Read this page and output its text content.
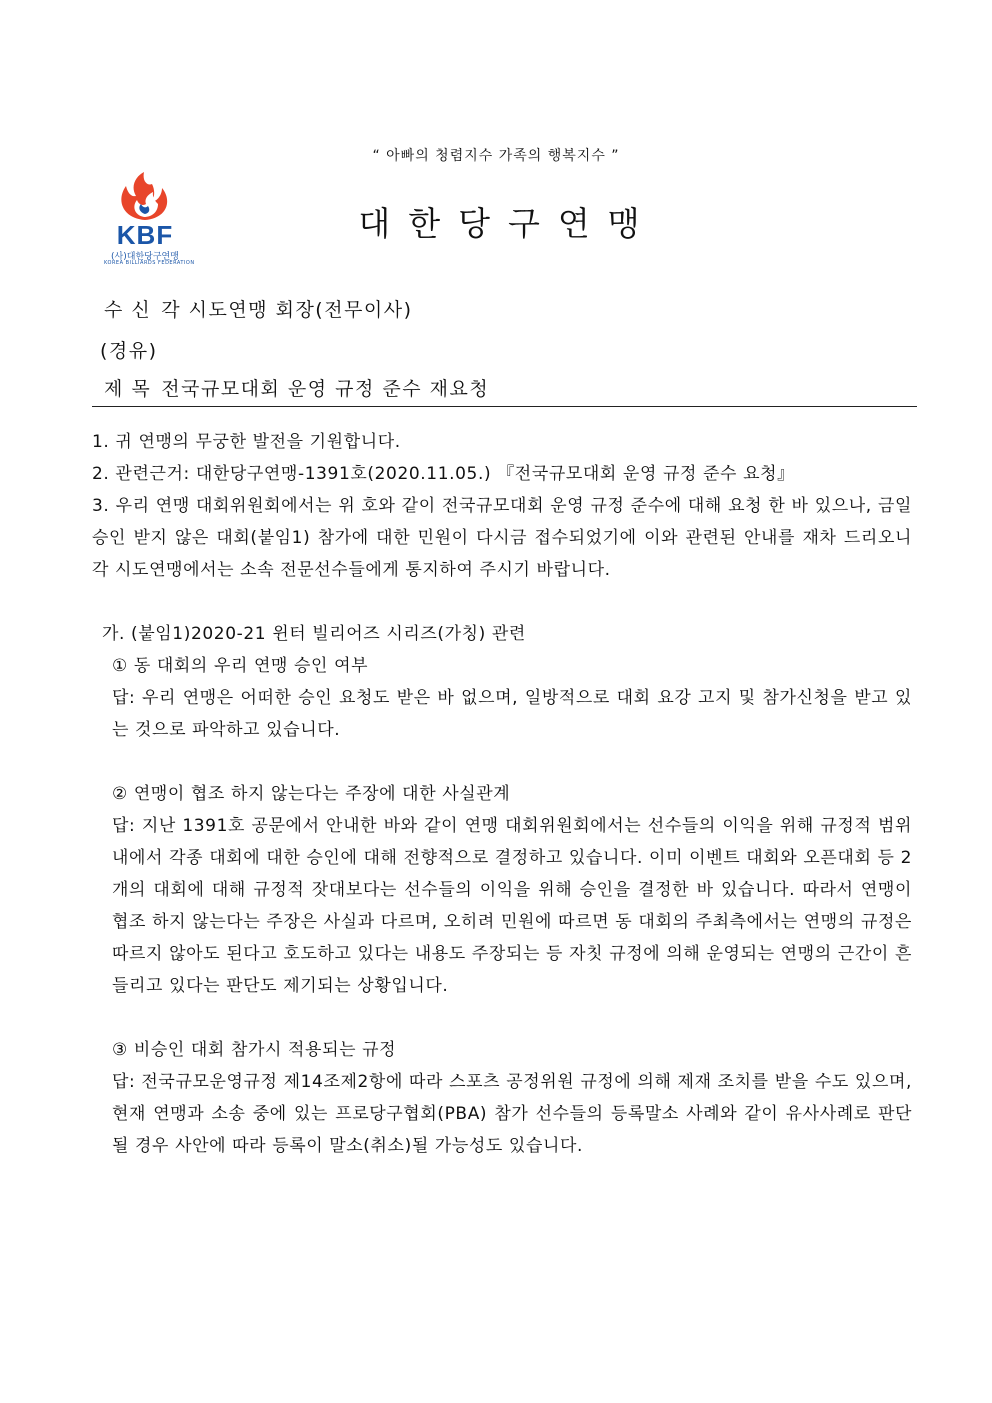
“ 아빠의 청렴지수 가족의 행복지수 ”
KBF
(사)대한당구연맹
KOREA BILLIARDS FEDERATION
대한당구연맹
수 신 각 시도연맹 회장(전무이사)
(경유)
제 목 전국규모대회 운영 규정 준수 재요청

1. 귀 연맹의 무궁한 발전을 기원합니다.

2. 관련근거: 대한당구연맹-1391호(2020.11.05.) 『전국규모대회 운영 규정 준수 요청』

3. 우리 연맹 대회위원회에서는 위 호와 같이 전국규모대회 운영 규정 준수에 대해 요청 한 바 있으나, 금일 승인 받지 않은 대회(붙임1) 참가에 대한 민원이 다시금 접수되었기에 이와 관련된 안내를 재차 드리오니 각 시도연맹에서는 소속 전문선수들에게 통지하여 주시기 바랍니다.

가. (붙임1)2020-21 윈터 빌리어즈 시리즈(가칭) 관련

① 동 대회의 우리 연맹 승인 여부

답: 우리 연맹은 어떠한 승인 요청도 받은 바 없으며, 일방적으로 대회 요강 고지 및 참가신청을 받고 있는 것으로 파악하고 있습니다.

② 연맹이 협조 하지 않는다는 주장에 대한 사실관계

답: 지난 1391호 공문에서 안내한 바와 같이 연맹 대회위원회에서는 선수들의 이익을 위해 규정적 범위 내에서 각종 대회에 대한 승인에 대해 전향적으로 결정하고 있습니다. 이미 이벤트 대회와 오픈대회 등 2개의 대회에 대해 규정적 잣대보다는 선수들의 이익을 위해 승인을 결정한 바 있습니다. 따라서 연맹이 협조 하지 않는다는 주장은 사실과 다르며, 오히려 민원에 따르면 동 대회의 주최측에서는 연맹의 규정은 따르지 않아도 된다고 호도하고 있다는 내용도 주장되는 등 자칫 규정에 의해 운영되는 연맹의 근간이 흔들리고 있다는 판단도 제기되는 상황입니다.

③ 비승인 대회 참가시 적용되는 규정

답: 전국규모운영규정 제14조제2항에 따라 스포츠 공정위원 규정에 의해 제재 조치를 받을 수도 있으며, 현재 연맹과 소송 중에 있는 프로당구협회(PBA) 참가 선수들의 등록말소 사례와 같이 유사사례로 판단될 경우 사안에 따라 등록이 말소(취소)될 가능성도 있습니다.
